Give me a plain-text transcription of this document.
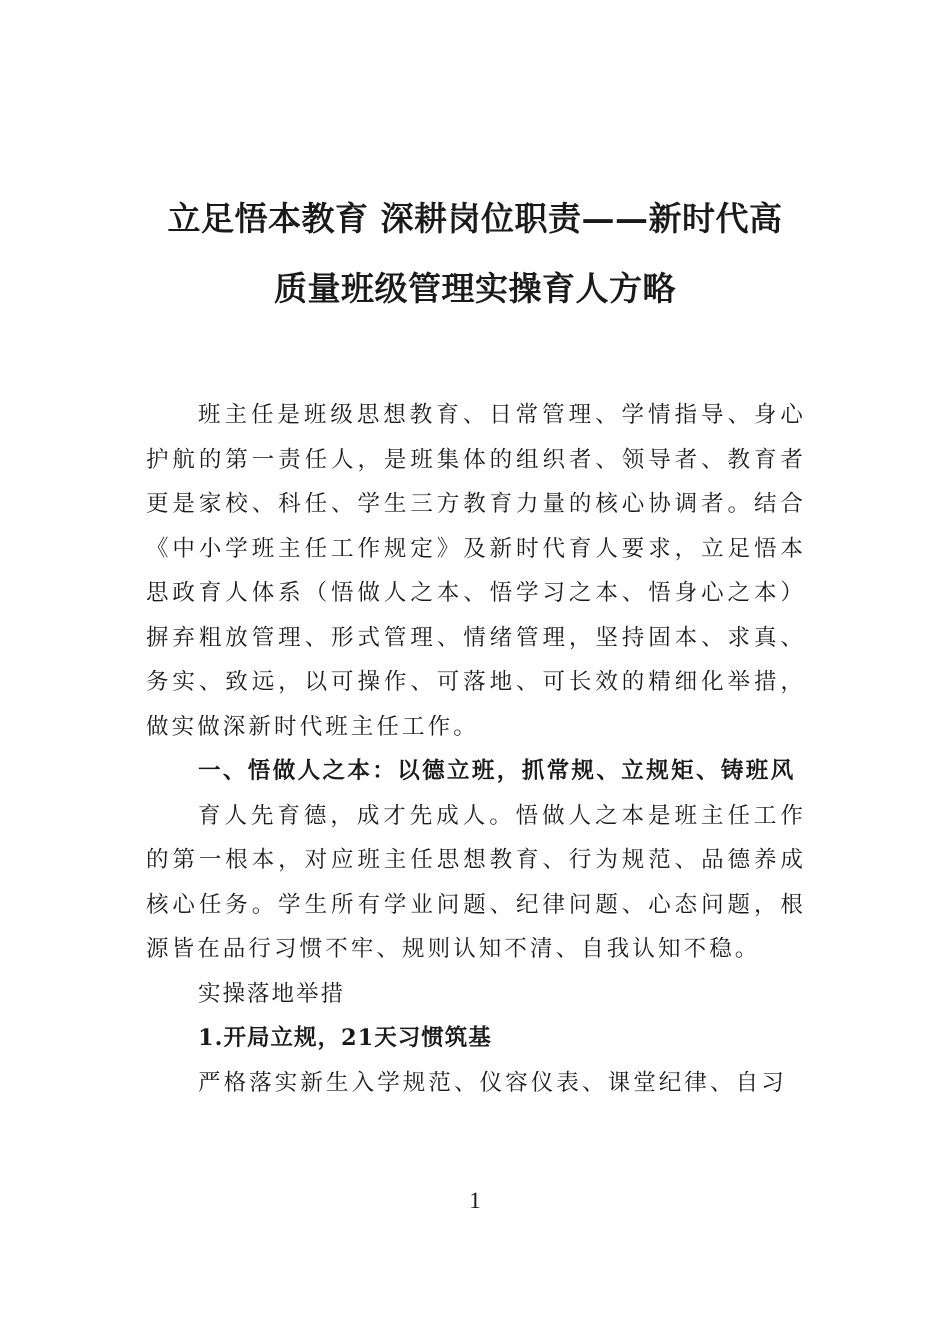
立足悟本教育 深耕岗位职责——新时代高
质量班级管理实操育人方略

班主任是班级思想教育、日常管理、学情指导、身心护航的第一责任人，是班集体的组织者、领导者、教育者更是家校、科任、学生三方教育力量的核心协调者。结合《中小学班主任工作规定》及新时代育人要求，立足悟本思政育人体系（悟做人之本、悟学习之本、悟身心之本）摒弃粗放管理、形式管理、情绪管理，坚持固本、求真、务实、致远，以可操作、可落地、可长效的精细化举措，做实做深新时代班主任工作。

一、悟做人之本：以德立班，抓常规、立规矩、铸班风

育人先育德，成才先成人。悟做人之本是班主任工作的第一根本，对应班主任思想教育、行为规范、品德养成核心任务。学生所有学业问题、纪律问题、心态问题，根源皆在品行习惯不牢、规则认知不清、自我认知不稳。

实操落地举措

1.开局立规，21天习惯筑基

严格落实新生入学规范、仪容仪表、课堂纪律、自习

1
